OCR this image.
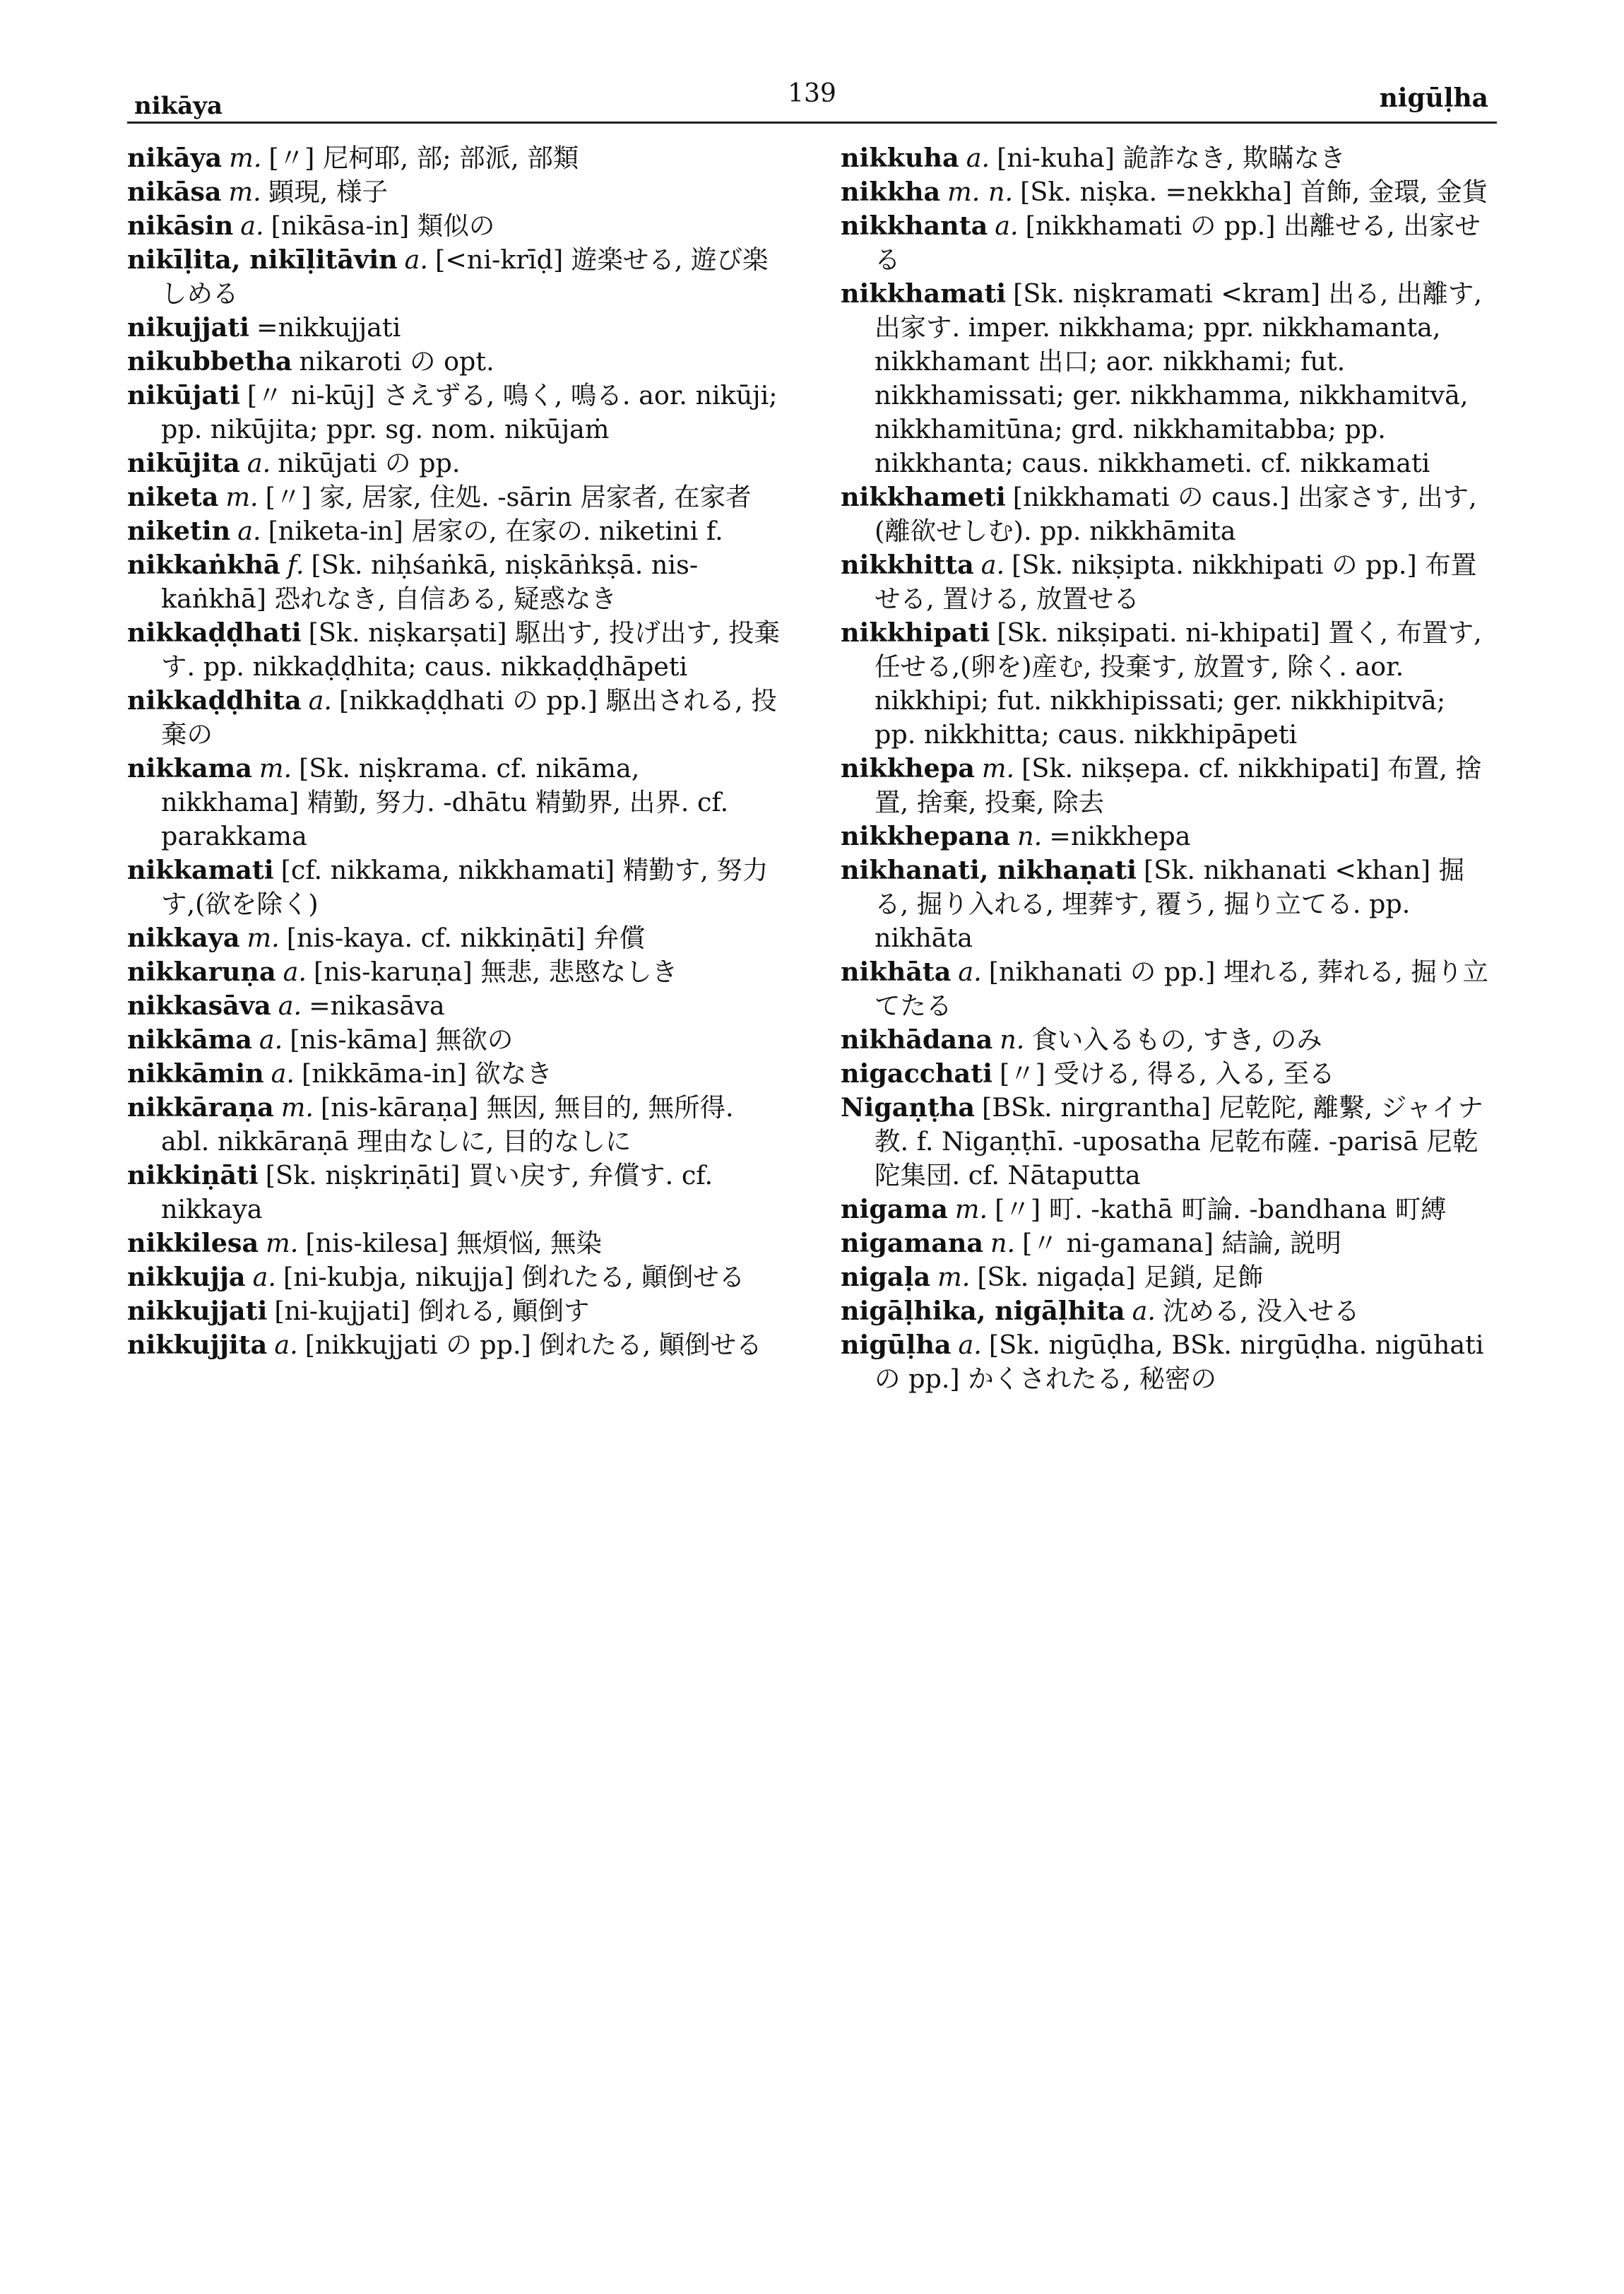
nikāya	139	nigūḷha

nikāya m. [〃] 尼柯耶, 部; 部派, 部類

nikāsa m. 顕現, 様子

nikāsin a. [nikāsa-in] 類似の

nikīḷita, nikīḷitāvin a. [<ni-krīḍ] 遊楽せる, 遊び楽しめる

nikujjati =nikkujjati

nikubbetha nikaroti の opt.

nikūjati [〃 ni-kūj] さえずる, 鳴く, 鳴る. aor. nikūji; pp. nikūjita; ppr. sg. nom. nikūjaṁ

nikūjita a. nikūjati の pp.

niketa m. [〃] 家, 居家, 住処. -sārin 居家者, 在家者

niketin a. [niketa-in] 居家の, 在家の. niketini f.

nikkaṅkhā f. [Sk. niḥśaṅkā, niṣkāṅkṣā. nis-kaṅkhā] 恐れなき, 自信ある, 疑惑なき

nikkaḍḍhati [Sk. niṣkarṣati] 駆出す, 投げ出す, 投棄す. pp. nikkaḍḍhita; caus. nikkaḍḍhāpeti

nikkaḍḍhita a. [nikkaḍḍhati の pp.] 駆出される, 投棄の

nikkama m. [Sk. niṣkrama. cf. nikāma, nikkhama] 精勤, 努力. -dhātu 精勤界, 出界. cf. parakkama

nikkamati [cf. nikkama, nikkhamati] 精勤す, 努力す,(欲を除く)

nikkaya m. [nis-kaya. cf. nikkiṇāti] 弁償

nikkaruṇa a. [nis-karuṇa] 無悲, 悲愍なしき

nikkasāva a. =nikasāva

nikkāma a. [nis-kāma] 無欲の

nikkāmin a. [nikkāma-in] 欲なき

nikkāraṇa m. [nis-kāraṇa] 無因, 無目的, 無所得. abl. nikkāraṇā 理由なしに, 目的なしに

nikkiṇāti [Sk. niṣkriṇāti] 買い戻す, 弁償す. cf. nikkaya

nikkilesa m. [nis-kilesa] 無煩悩, 無染

nikkujja a. [ni-kubja, nikujja] 倒れたる, 顚倒せる

nikkujjati [ni-kujjati] 倒れる, 顚倒す

nikkujjita a. [nikkujjati の pp.] 倒れたる, 顚倒せる

nikkuha a. [ni-kuha] 詭詐なき, 欺瞞なき

nikkha m. n. [Sk. niṣka. =nekkha] 首飾, 金環, 金貨

nikkhanta a. [nikkhamati の pp.] 出離せる, 出家せる

nikkhamati [Sk. niṣkramati <kram] 出る, 出離す, 出家す. imper. nikkhama; ppr. nikkhamanta, nikkhamant 出口; aor. nikkhami; fut. nikkhamissati; ger. nikkhamma, nikkhamitvā, nikkhamitūna; grd. nikkhamitabba; pp. nikkhanta; caus. nikkhameti. cf. nikkamati

nikkhameti [nikkhamati の caus.] 出家さす, 出す,(離欲せしむ). pp. nikkhāmita

nikkhitta a. [Sk. nikṣipta. nikkhipati の pp.] 布置せる, 置ける, 放置せる

nikkhipati [Sk. nikṣipati. ni-khipati] 置く, 布置す, 任せる,(卵を)産む, 投棄す, 放置す, 除く. aor. nikkhipi; fut. nikkhipissati; ger. nikkhipitvā; pp. nikkhitta; caus. nikkhipāpeti

nikkhepa m. [Sk. nikṣepa. cf. nikkhipati] 布置, 捨置, 捨棄, 投棄, 除去

nikkhepana n. =nikkhepa

nikhanati, nikhaṇati [Sk. nikhanati <khan] 掘る, 掘り入れる, 埋葬す, 覆う, 掘り立てる. pp. nikhāta

nikhāta a. [nikhanati の pp.] 埋れる, 葬れる, 掘り立てたる

nikhādana n. 食い入るもの, すき, のみ

nigacchati [〃] 受ける, 得る, 入る, 至る

Nigaṇṭha [BSk. nirgrantha] 尼乾陀, 離繫, ジャイナ教. f. Nigaṇṭhī. -uposatha 尼乾布薩. -parisā 尼乾陀集団. cf. Nātaputta

nigama m. [〃] 町. -kathā 町論. -bandhana 町縛

nigamana n. [〃 ni-gamana] 結論, 説明

nigaḷa m. [Sk. nigaḍa] 足鎖, 足飾

nigāḷhika, nigāḷhita a. 沈める, 没入せる

nigūḷha a. [Sk. nigūḍha, BSk. nirgūḍha. nigūhati の pp.] かくされたる, 秘密の
